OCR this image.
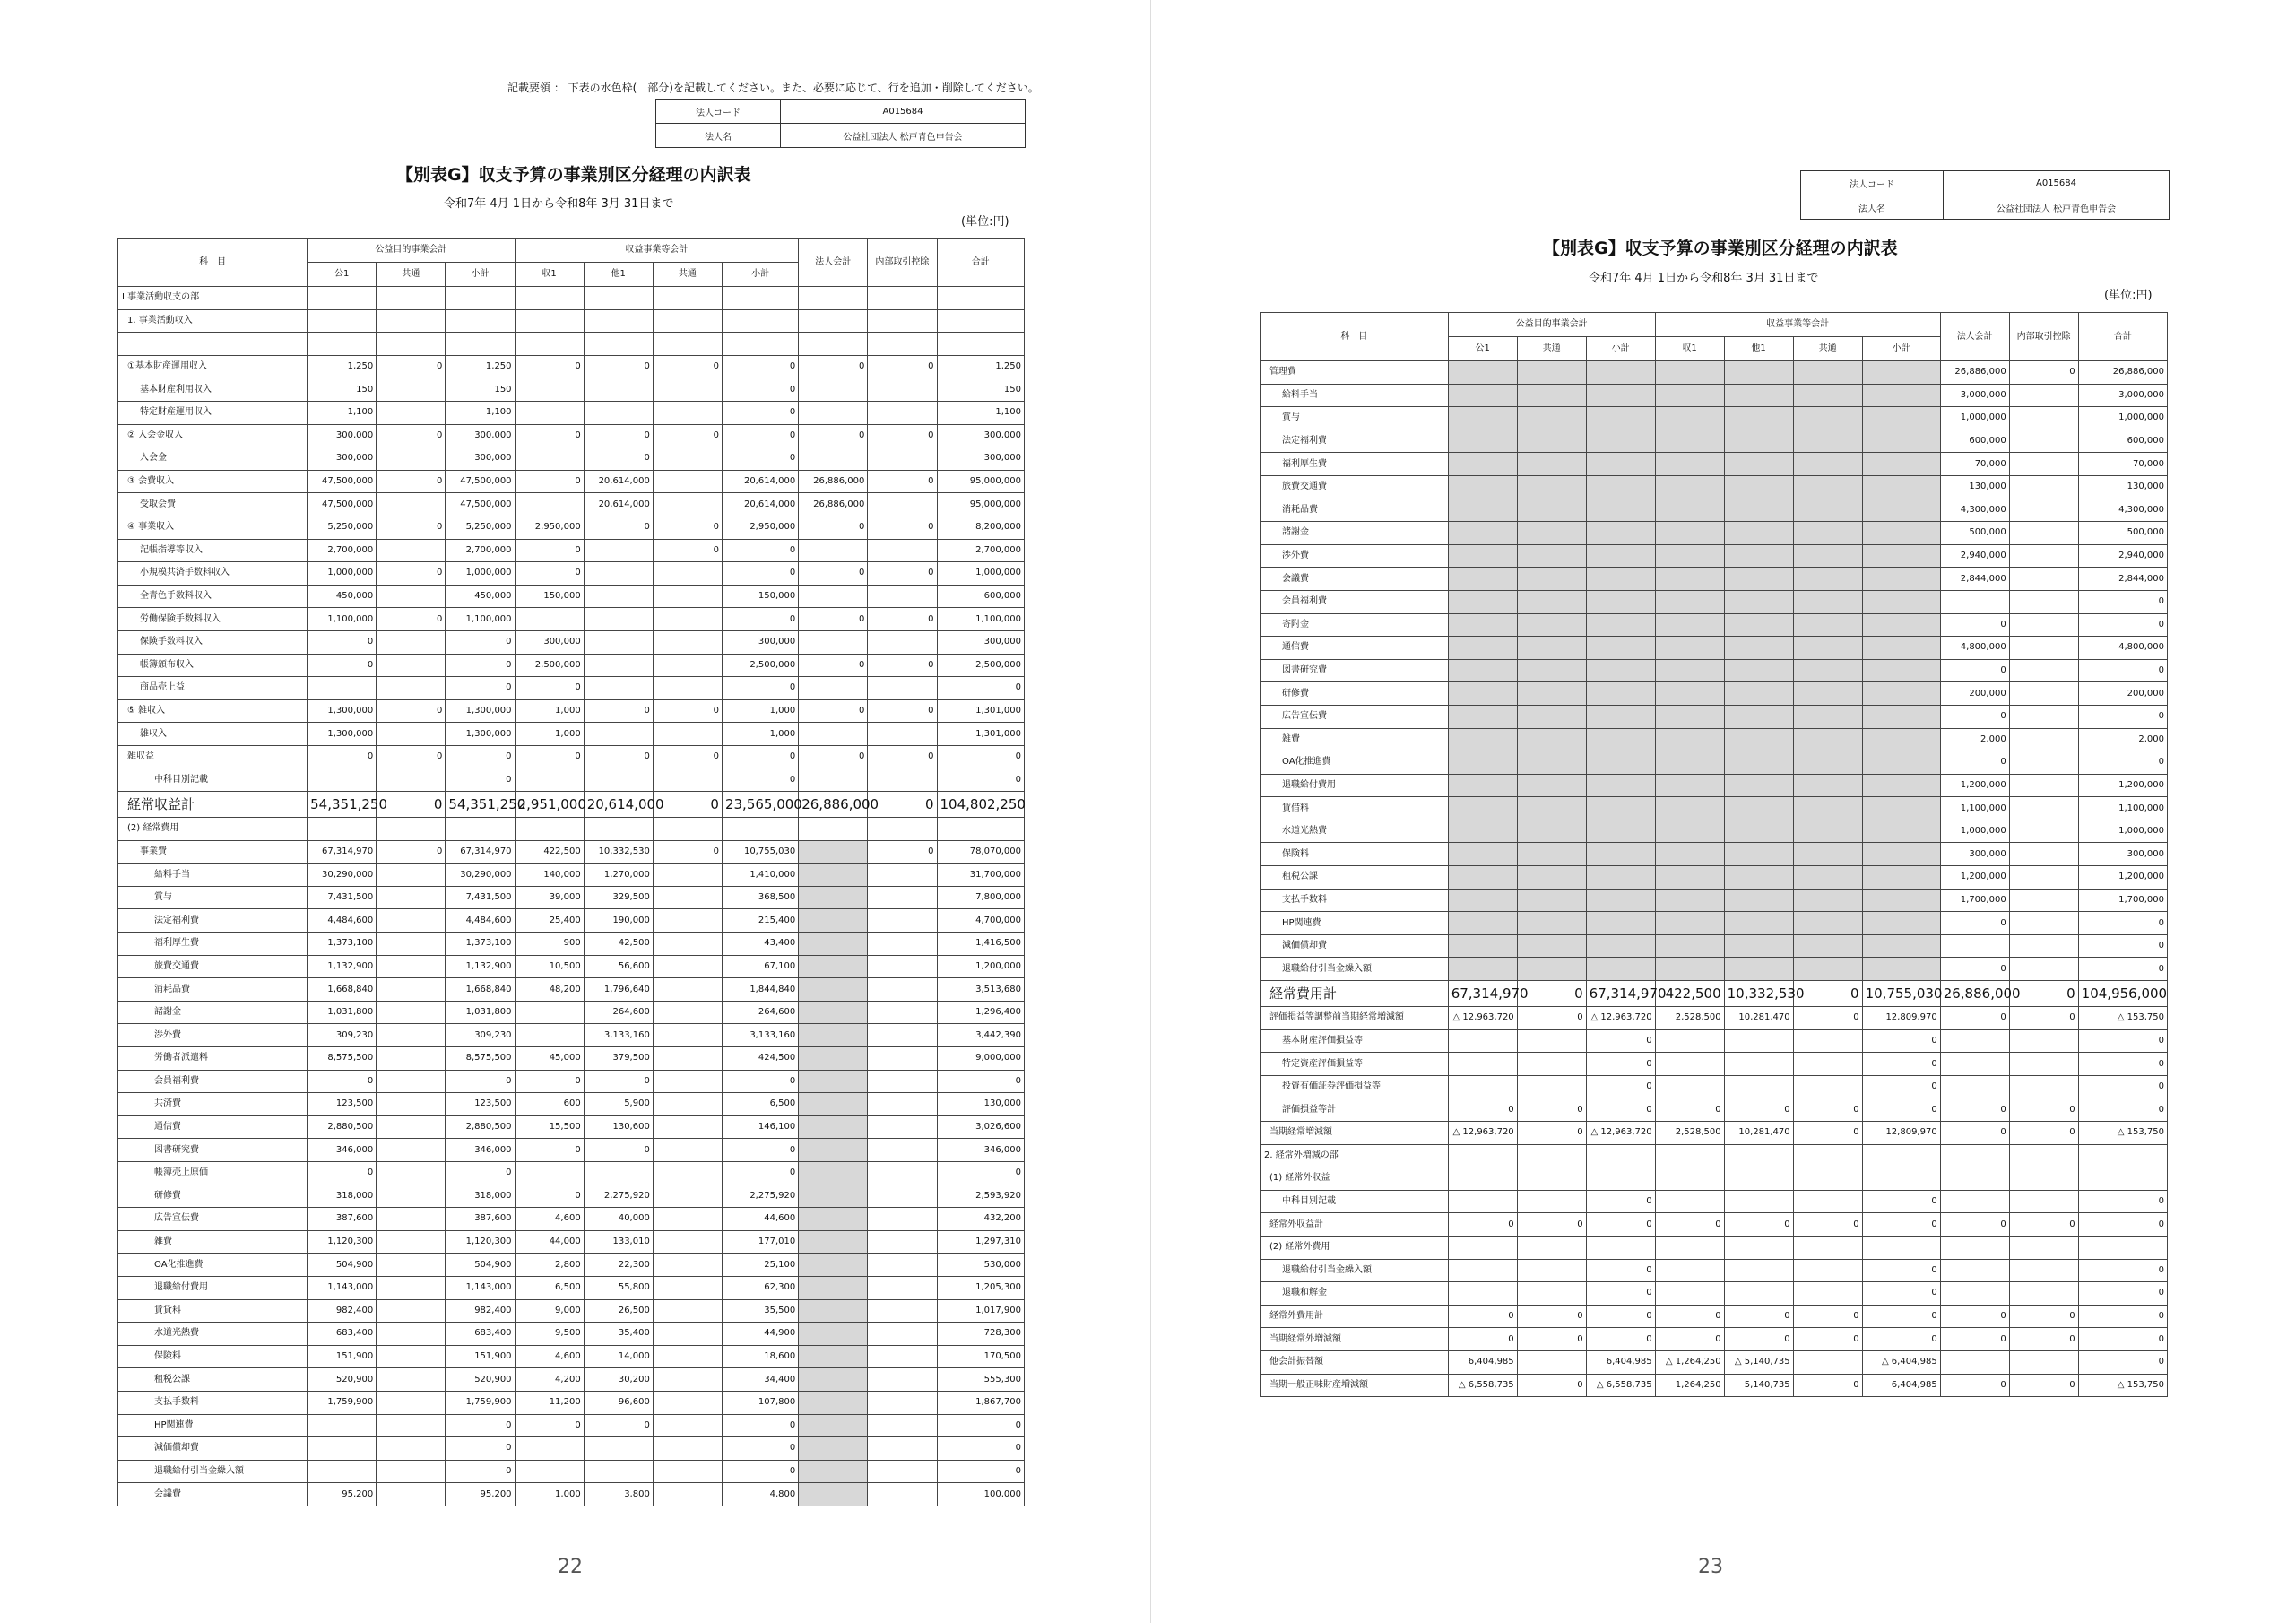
記載要領 ： 下表の水色枠(　部分)を記載してください。また、必要に応じて、行を追加・削除してください。
法人コード	A015684
法人名	公益社団法人 松戸青色申告会
【別表G】収支予算の事業別区分経理の内訳表
令和7年 4月 1日から令和8年 3月 31日まで
(単位:円)
科　目	公益目的事業会計			収益事業等会計				法人会計	内部取引控除	合計
	公1	共通	小計	収1	他1	共通	小計			
Ⅰ 事業活動収支の部										
1. 事業活動収入										

①基本財産運用収入	1,250	0	1,250	0	0	0	0	0	0	1,250
基本財産利用収入	150		150				0			150
特定財産運用収入	1,100		1,100				0			1,100
② 入会金収入	300,000	0	300,000	0	0	0	0	0	0	300,000
入会金	300,000		300,000		0		0			300,000
③ 会費収入	47,500,000	0	47,500,000	0	20,614,000		20,614,000	26,886,000	0	95,000,000
受取会費	47,500,000		47,500,000		20,614,000		20,614,000	26,886,000		95,000,000
④ 事業収入	5,250,000	0	5,250,000	2,950,000	0	0	2,950,000	0	0	8,200,000
記帳指導等収入	2,700,000		2,700,000	0		0	0			2,700,000
小規模共済手数料収入	1,000,000	0	1,000,000	0			0	0	0	1,000,000
全青色手数料収入	450,000		450,000	150,000			150,000			600,000
労働保険手数料収入	1,100,000	0	1,100,000				0	0	0	1,100,000
保険手数料収入	0		0	300,000			300,000			300,000
帳簿頒布収入	0		0	2,500,000			2,500,000	0	0	2,500,000
商品売上益			0	0			0			0
⑤ 雑収入	1,300,000	0	1,300,000	1,000	0	0	1,000	0	0	1,301,000
雑収入	1,300,000		1,300,000	1,000			1,000			1,301,000
雑収益	0	0	0	0	0	0	0	0	0	0
中科目別記載			0				0			0
経常収益計	54,351,250	0	54,351,250	2,951,000	20,614,000	0	23,565,000	26,886,000	0	104,802,250
(2) 経常費用										
事業費	67,314,970	0	67,314,970	422,500	10,332,530	0	10,755,030		0	78,070,000
給料手当	30,290,000		30,290,000	140,000	1,270,000		1,410,000			31,700,000
賞与	7,431,500		7,431,500	39,000	329,500		368,500			7,800,000
法定福利費	4,484,600		4,484,600	25,400	190,000		215,400			4,700,000
福利厚生費	1,373,100		1,373,100	900	42,500		43,400			1,416,500
旅費交通費	1,132,900		1,132,900	10,500	56,600		67,100			1,200,000
消耗品費	1,668,840		1,668,840	48,200	1,796,640		1,844,840			3,513,680
諸謝金	1,031,800		1,031,800		264,600		264,600			1,296,400
渉外費	309,230		309,230		3,133,160		3,133,160			3,442,390
労働者派遣料	8,575,500		8,575,500	45,000	379,500		424,500			9,000,000
会員福利費	0		0	0	0		0			0
共済費	123,500		123,500	600	5,900		6,500			130,000
通信費	2,880,500		2,880,500	15,500	130,600		146,100			3,026,600
図書研究費	346,000		346,000	0	0		0			346,000
帳簿売上原価	0		0				0			0
研修費	318,000		318,000	0	2,275,920		2,275,920			2,593,920
広告宣伝費	387,600		387,600	4,600	40,000		44,600			432,200
雑費	1,120,300		1,120,300	44,000	133,010		177,010			1,297,310
OA化推進費	504,900		504,900	2,800	22,300		25,100			530,000
退職給付費用	1,143,000		1,143,000	6,500	55,800		62,300			1,205,300
賃貸料	982,400		982,400	9,000	26,500		35,500			1,017,900
水道光熱費	683,400		683,400	9,500	35,400		44,900			728,300
保険料	151,900		151,900	4,600	14,000		18,600			170,500
租税公課	520,900		520,900	4,200	30,200		34,400			555,300
支払手数料	1,759,900		1,759,900	11,200	96,600		107,800			1,867,700
HP関連費			0	0	0		0			0
減価償却費			0				0			0
退職給付引当金繰入額			0				0			0
会議費	95,200		95,200	1,000	3,800		4,800			100,000
22
法人コード	A015684
法人名	公益社団法人 松戸青色申告会
【別表G】収支予算の事業別区分経理の内訳表
令和7年 4月 1日から令和8年 3月 31日まで
(単位:円)
科　目	公益目的事業会計			収益事業等会計				法人会計	内部取引控除	合計
	公1	共通	小計	収1	他1	共通	小計			
管理費								26,886,000	0	26,886,000
給料手当								3,000,000		3,000,000
賞与								1,000,000		1,000,000
法定福利費								600,000		600,000
福利厚生費								70,000		70,000
旅費交通費								130,000		130,000
消耗品費								4,300,000		4,300,000
諸謝金								500,000		500,000
渉外費								2,940,000		2,940,000
会議費								2,844,000		2,844,000
会員福利費										0
寄附金								0		0
通信費								4,800,000		4,800,000
図書研究費								0		0
研修費								200,000		200,000
広告宣伝費								0		0
雑費								2,000		2,000
OA化推進費								0		0
退職給付費用								1,200,000		1,200,000
賃借料								1,100,000		1,100,000
水道光熱費								1,000,000		1,000,000
保険料								300,000		300,000
租税公課								1,200,000		1,200,000
支払手数料								1,700,000		1,700,000
HP関連費								0		0
減価償却費										0
退職給付引当金繰入額								0		0
経常費用計	67,314,970	0	67,314,970	422,500	10,332,530	0	10,755,030	26,886,000	0	104,956,000
評価損益等調整前当期経常増減額	△ 12,963,720	0	△ 12,963,720	2,528,500	10,281,470	0	12,809,970	0	0	△ 153,750
基本財産評価損益等			0				0			0
特定資産評価損益等			0				0			0
投資有価証券評価損益等			0				0			0
評価損益等計	0	0	0	0	0	0	0	0	0	0
当期経常増減額	△ 12,963,720	0	△ 12,963,720	2,528,500	10,281,470	0	12,809,970	0	0	△ 153,750
2. 経常外増減の部										
(1) 経常外収益										
中科目別記載			0				0			0
経常外収益計	0	0	0	0	0	0	0	0	0	0
(2) 経常外費用										
退職給付引当金繰入額			0				0			0
退職和解金			0				0			0
経常外費用計	0	0	0	0	0	0	0	0	0	0
当期経常外増減額	0	0	0	0	0	0	0	0	0	0
他会計振替額	6,404,985		6,404,985	△ 1,264,250	△ 5,140,735		△ 6,404,985			0
当期一般正味財産増減額	△ 6,558,735	0	△ 6,558,735	1,264,250	5,140,735	0	6,404,985	0	0	△ 153,750
23
